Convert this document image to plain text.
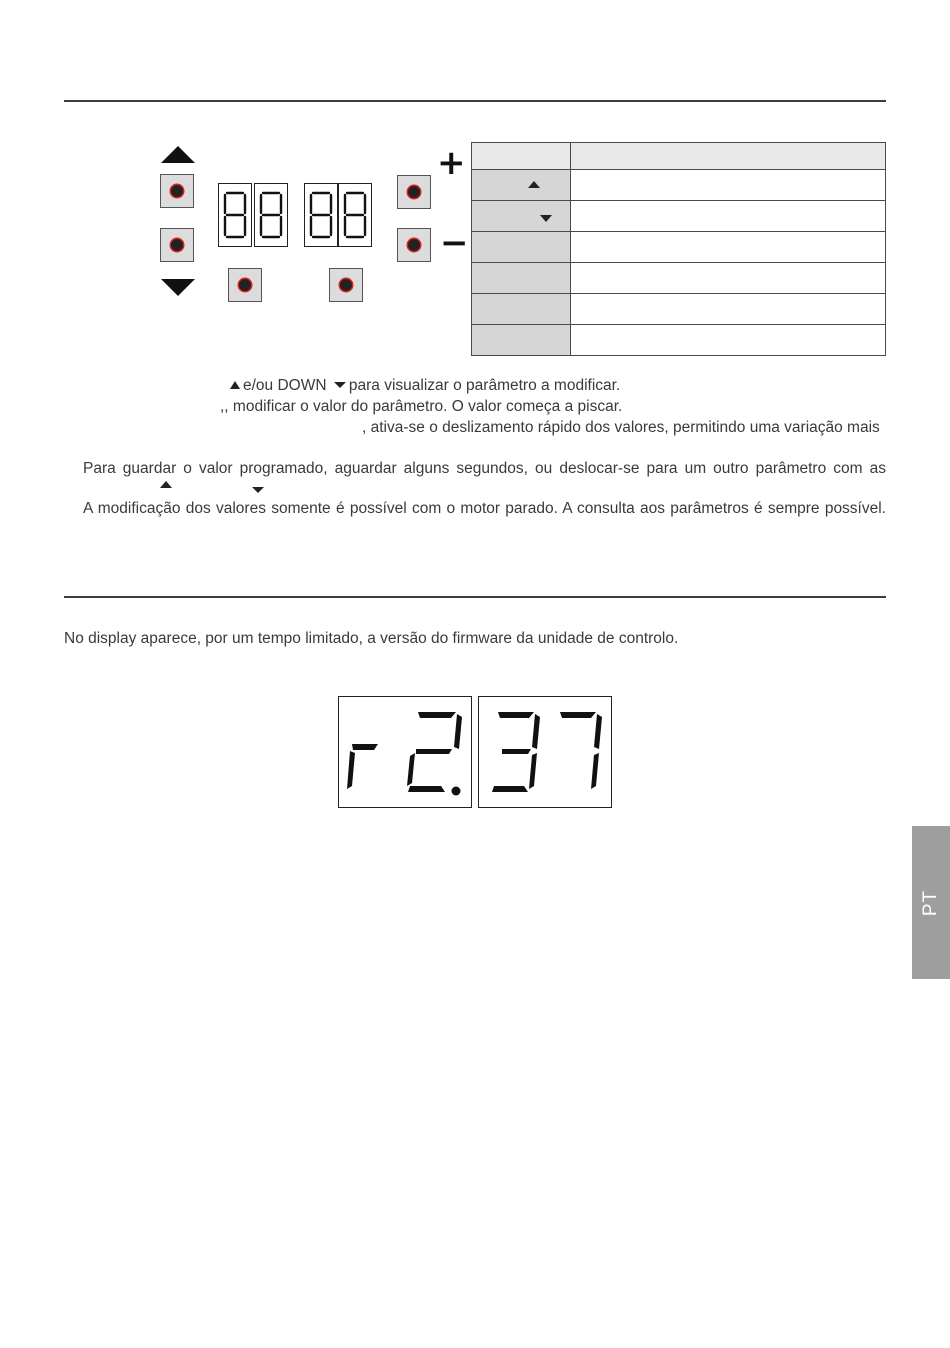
+
−

e/ou DOWN para visualizar o parâmetro a modificar.
,, modificar o valor do parâmetro. O valor começa a piscar.
, ativa-se o deslizamento rápido dos valores, permitindo uma variação mais
Para guardar o valor programado, aguardar alguns segundos, ou deslocar-se para um outro parâmetro com as
A modificação dos valores somente é possível com o motor parado. A consulta aos parâmetros é sempre possível.
No display aparece, por um tempo limitado, a versão do firmware da unidade de controlo.
PT
